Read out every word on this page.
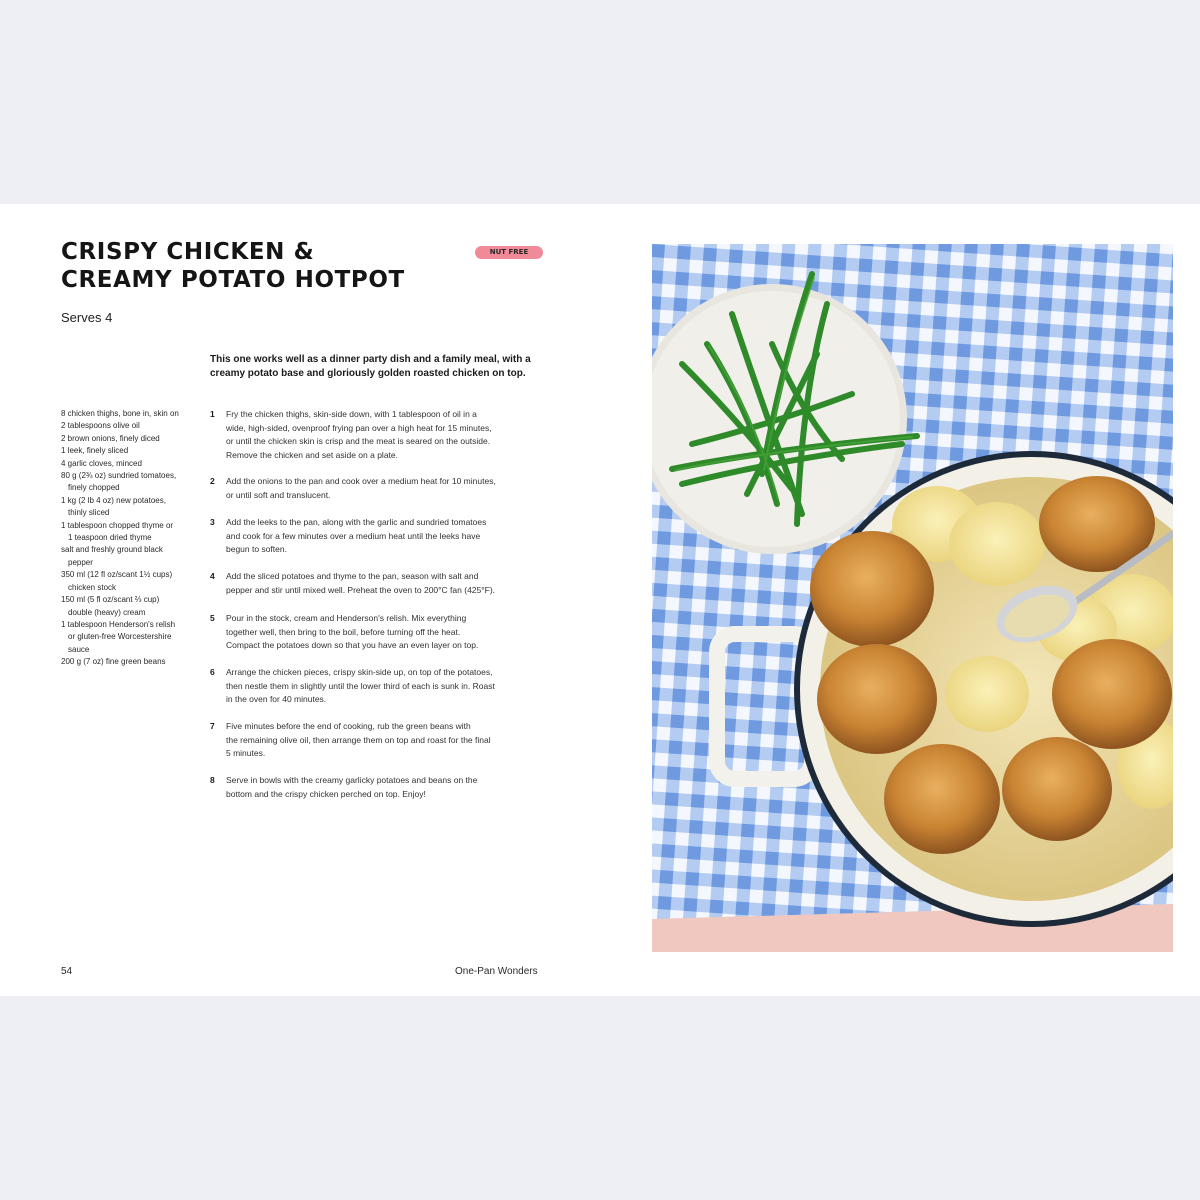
CRISPY CHICKEN &
CREAMY POTATO HOTPOT
NUT FREE
Serves 4
This one works well as a dinner party dish and a family meal, with a
creamy potato base and gloriously golden roasted chicken on top.
8 chicken thighs, bone in, skin on
2 tablespoons olive oil
2 brown onions, finely diced
1 leek, finely sliced
4 garlic cloves, minced
80 g (2¾ oz) sundried tomatoes,
finely chopped
1 kg (2 lb 4 oz) new potatoes,
thinly sliced
1 tablespoon chopped thyme or
1 teaspoon dried thyme
salt and freshly ground black
pepper
350 ml (12 fl oz/scant 1½ cups)
chicken stock
150 ml (5 fl oz/scant ⅔ cup)
double (heavy) cream
1 tablespoon Henderson's relish
or gluten-free Worcestershire
sauce
200 g (7 oz) fine green beans
1 Fry the chicken thighs, skin-side down, with 1 tablespoon of oil in a
wide, high-sided, ovenproof frying pan over a high heat for 15 minutes,
or until the chicken skin is crisp and the meat is seared on the outside.
Remove the chicken and set aside on a plate.
2 Add the onions to the pan and cook over a medium heat for 10 minutes,
or until soft and translucent.
3 Add the leeks to the pan, along with the garlic and sundried tomatoes
and cook for a few minutes over a medium heat until the leeks have
begun to soften.
4 Add the sliced potatoes and thyme to the pan, season with salt and
pepper and stir until mixed well. Preheat the oven to 200°C fan (425°F).
5 Pour in the stock, cream and Henderson's relish. Mix everything
together well, then bring to the boil, before turning off the heat.
Compact the potatoes down so that you have an even layer on top.
6 Arrange the chicken pieces, crispy skin-side up, on top of the potatoes,
then nestle them in slightly until the lower third of each is sunk in. Roast
in the oven for 40 minutes.
7 Five minutes before the end of cooking, rub the green beans with
the remaining olive oil, then arrange them on top and roast for the final
5 minutes.
8 Serve in bowls with the creamy garlicky potatoes and beans on the
bottom and the crispy chicken perched on top. Enjoy!
54	One-Pan Wonders
